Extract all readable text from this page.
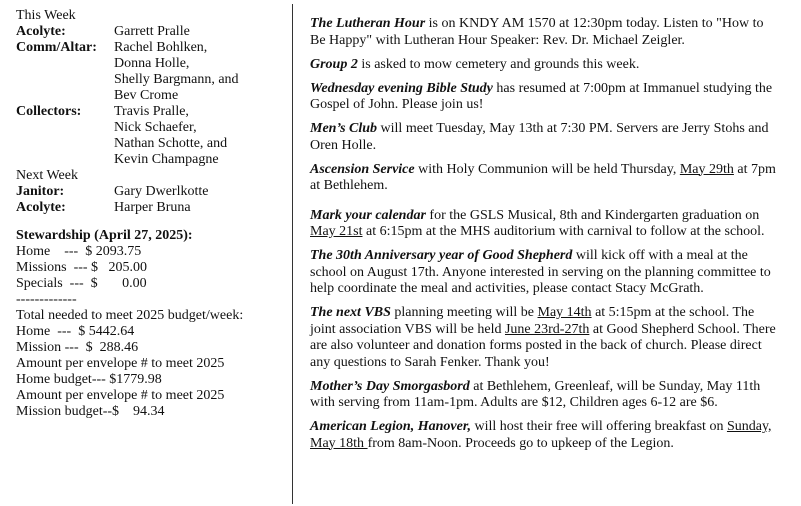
This Week
Acolyte:	Garrett Pralle
Comm/Altar:	Rachel Bohlken,
Donna Holle,
Shelly Bargmann, and
Bev Crome
Collectors:	Travis Pralle,
Nick Schaefer,
Nathan Schotte, and
Kevin Champagne
Next Week
Janitor:	Gary Dwerlkotte
Acolyte:	Harper Bruna
Stewardship (April 27, 2025):
Home    ---  $ 2093.75
Missions  --- $   205.00
Specials  ---  $       0.00
-------------
Total needed to meet 2025 budget/week:
Home  ---  $ 5442.64
Mission ---  $  288.46
Amount per envelope # to meet 2025
Home budget--- $1779.98
Amount per envelope # to meet 2025
Mission budget--$    94.34

The Lutheran Hour is on KNDY AM 1570 at 12:30pm today. Listen to "How to Be Happy" with Lutheran Hour Speaker: Rev. Dr. Michael Zeigler.

Group 2 is asked to mow cemetery and grounds this week.

Wednesday evening Bible Study has resumed at 7:00pm at Immanuel studying the Gospel of John. Please join us!

Men’s Club will meet Tuesday, May 13th at 7:30 PM. Servers are Jerry Stohs and Oren Holle.

Ascension Service with Holy Communion will be held Thursday, May 29th at 7pm at Bethlehem.

Mark your calendar for the GSLS Musical, 8th and Kindergarten graduation on May 21st at 6:15pm at the MHS auditorium with carnival to follow at the school.

The 30th Anniversary year of Good Shepherd will kick off with a meal at the school on August 17th. Anyone interested in serving on the planning committee to help coordinate the meal and activities, please contact Stacy McGrath.

The next VBS planning meeting will be May 14th at 5:15pm at the school. The joint association VBS will be held June 23rd-27th at Good Shepherd School. There are also volunteer and donation forms posted in the back of church. Please direct any questions to Sarah Fenker. Thank you!

Mother’s Day Smorgasbord at Bethlehem, Greenleaf, will be Sunday, May 11th with serving from 11am-1pm. Adults are $12, Children ages 6-12 are $6.

American Legion, Hanover, will host their free will offering breakfast on Sunday, May 18th from 8am-Noon. Proceeds go to upkeep of the Legion.
